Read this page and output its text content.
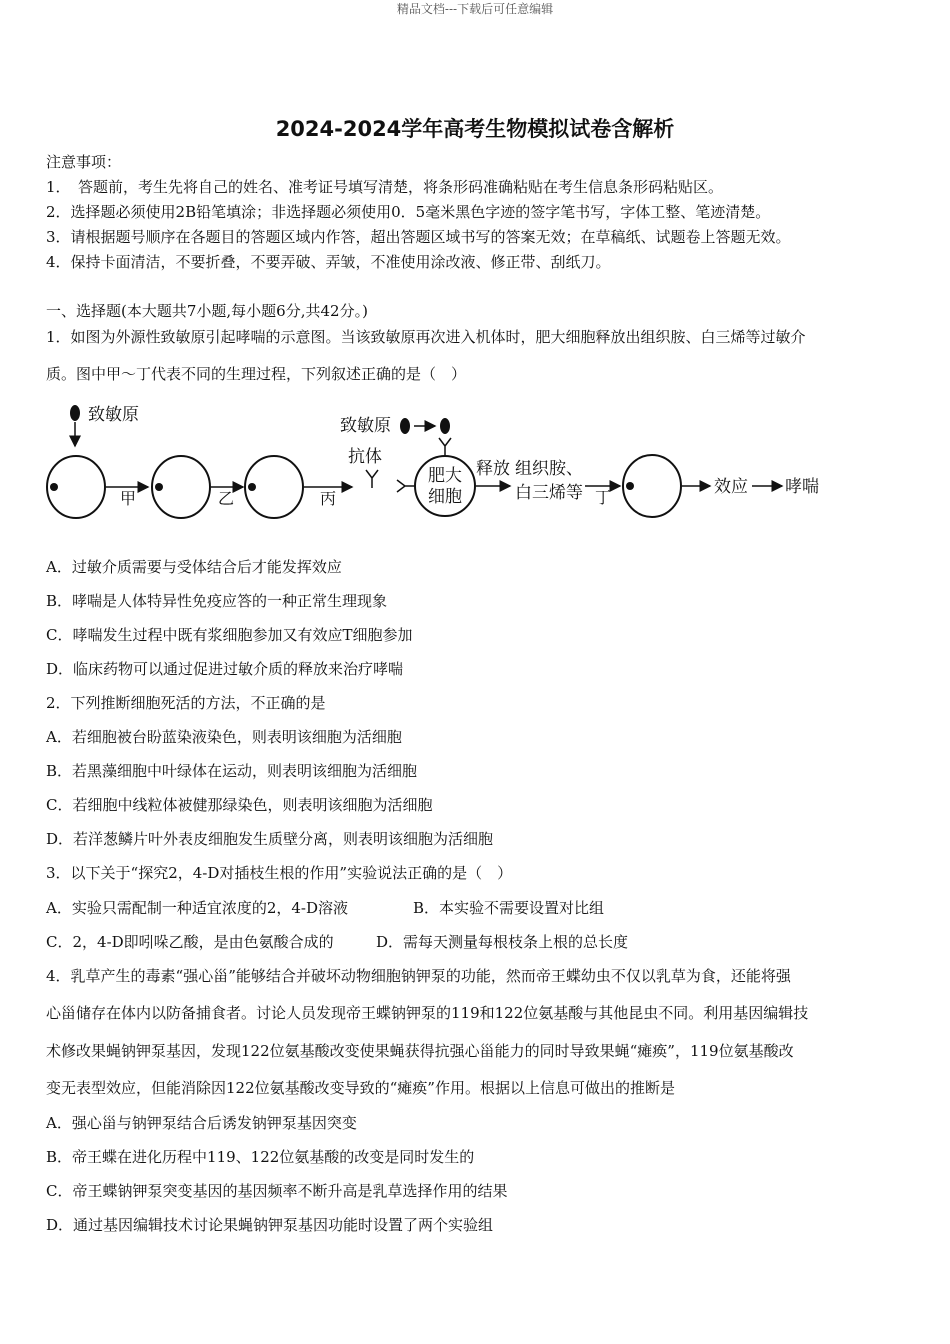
精品文档---下载后可任意编辑
2024-2024学年高考生物模拟试卷含解析
注意事项：
1．　答题前，考生先将自己的姓名、准考证号填写清楚，将条形码准确粘贴在考生信息条形码粘贴区。
2．选择题必须使用2B铅笔填涂；非选择题必须使用0．5毫米黑色字迹的签字笔书写，字体工整、笔迹清楚。
3．请根据题号顺序在各题目的答题区域内作答，超出答题区域书写的答案无效；在草稿纸、试题卷上答题无效。
4．保持卡面清洁，不要折叠，不要弄破、弄皱，不准使用涂改液、修正带、刮纸刀。
一、选择题(本大题共7小题,每小题6分,共42分。)
1．如图为外源性致敏原引起哮喘的示意图。当该致敏原再次进入机体时，肥大细胞释放出组织胺、白三烯等过敏介
质。图中甲～丁代表不同的生理过程，下列叙述正确的是（　）
致敏原
甲	乙	丙
抗体
致敏原
肥大
细胞
释放 组织胺、
白三烯等 丁
效应 哮喘
A．过敏介质需要与受体结合后才能发挥效应
B．哮喘是人体特异性免疫应答的一种正常生理现象
C．哮喘发生过程中既有浆细胞参加又有效应T细胞参加
D．临床药物可以通过促进过敏介质的释放来治疗哮喘
2．下列推断细胞死活的方法，不正确的是
A．若细胞被台盼蓝染液染色，则表明该细胞为活细胞
B．若黑藻细胞中叶绿体在运动，则表明该细胞为活细胞
C．若细胞中线粒体被健那绿染色，则表明该细胞为活细胞
D．若洋葱鳞片叶外表皮细胞发生质壁分离，则表明该细胞为活细胞
3．以下关于“探究2，4-D对插枝生根的作用”实验说法正确的是（　）
A．实验只需配制一种适宜浓度的2，4-D溶液	B．本实验不需要设置对比组
C．2，4-D即吲哚乙酸，是由色氨酸合成的	D．需每天测量每根枝条上根的总长度
4．乳草产生的毒素“强心甾”能够结合并破坏动物细胞钠钾泵的功能，然而帝王蝶幼虫不仅以乳草为食，还能将强
心甾储存在体内以防备捕食者。讨论人员发现帝王蝶钠钾泵的119和122位氨基酸与其他昆虫不同。利用基因编辑技
术修改果蝇钠钾泵基因，发现122位氨基酸改变使果蝇获得抗强心甾能力的同时导致果蝇“瘫痪”，119位氨基酸改
变无表型效应，但能消除因122位氨基酸改变导致的“瘫痪”作用。根据以上信息可做出的推断是
A．强心甾与钠钾泵结合后诱发钠钾泵基因突变
B．帝王蝶在进化历程中119、122位氨基酸的改变是同时发生的
C．帝王蝶钠钾泵突变基因的基因频率不断升高是乳草选择作用的结果
D．通过基因编辑技术讨论果蝇钠钾泵基因功能时设置了两个实验组
